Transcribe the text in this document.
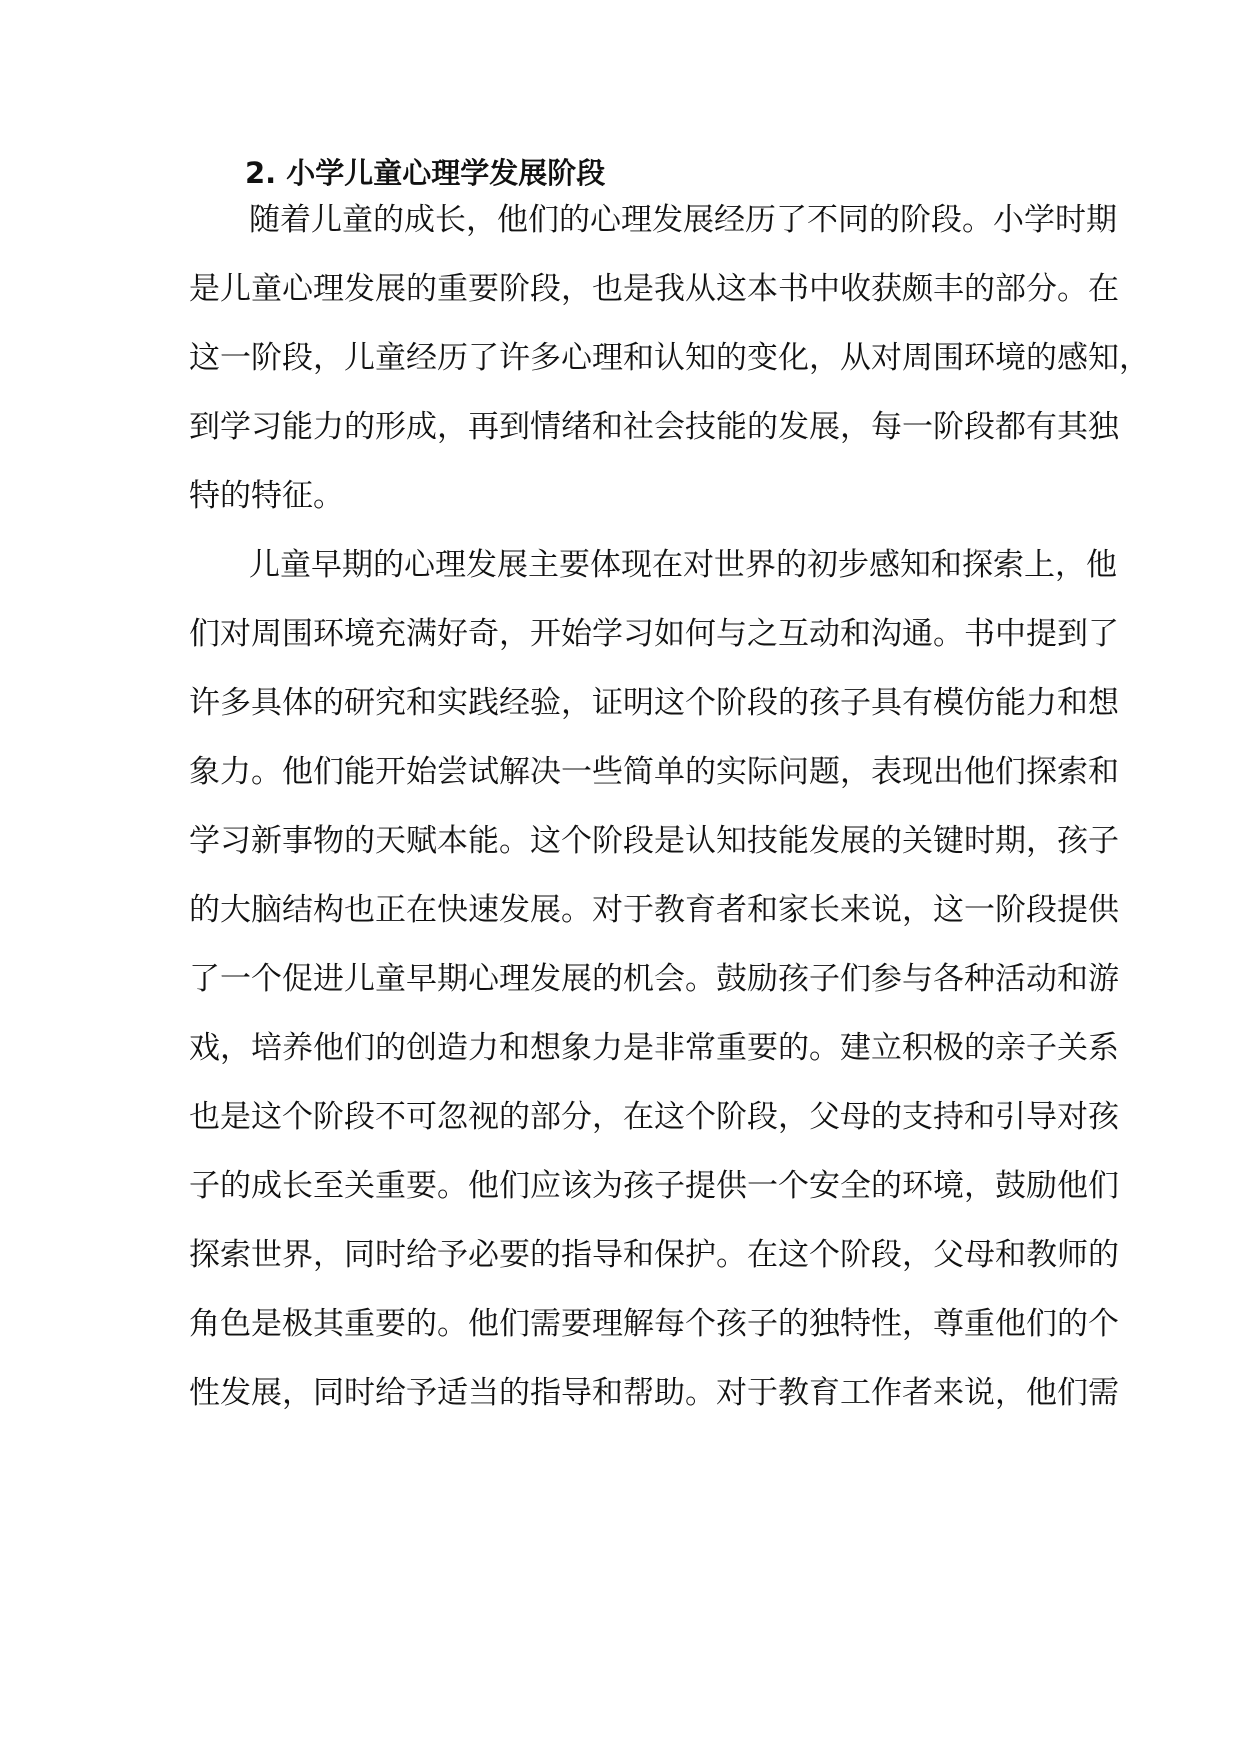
2. 小学儿童心理学发展阶段
随着儿童的成长，他们的心理发展经历了不同的阶段。小学时期
是儿童心理发展的重要阶段，也是我从这本书中收获颇丰的部分。在
这一阶段，儿童经历了许多心理和认知的变化，从对周围环境的感知，
到学习能力的形成，再到情绪和社会技能的发展，每一阶段都有其独
特的特征。
儿童早期的心理发展主要体现在对世界的初步感知和探索上，他
们对周围环境充满好奇，开始学习如何与之互动和沟通。书中提到了
许多具体的研究和实践经验，证明这个阶段的孩子具有模仿能力和想
象力。他们能开始尝试解决一些简单的实际问题，表现出他们探索和
学习新事物的天赋本能。这个阶段是认知技能发展的关键时期，孩子
的大脑结构也正在快速发展。对于教育者和家长来说，这一阶段提供
了一个促进儿童早期心理发展的机会。鼓励孩子们参与各种活动和游
戏，培养他们的创造力和想象力是非常重要的。建立积极的亲子关系
也是这个阶段不可忽视的部分，在这个阶段，父母的支持和引导对孩
子的成长至关重要。他们应该为孩子提供一个安全的环境，鼓励他们
探索世界，同时给予必要的指导和保护。在这个阶段，父母和教师的
角色是极其重要的。他们需要理解每个孩子的独特性，尊重他们的个
性发展，同时给予适当的指导和帮助。对于教育工作者来说，他们需
